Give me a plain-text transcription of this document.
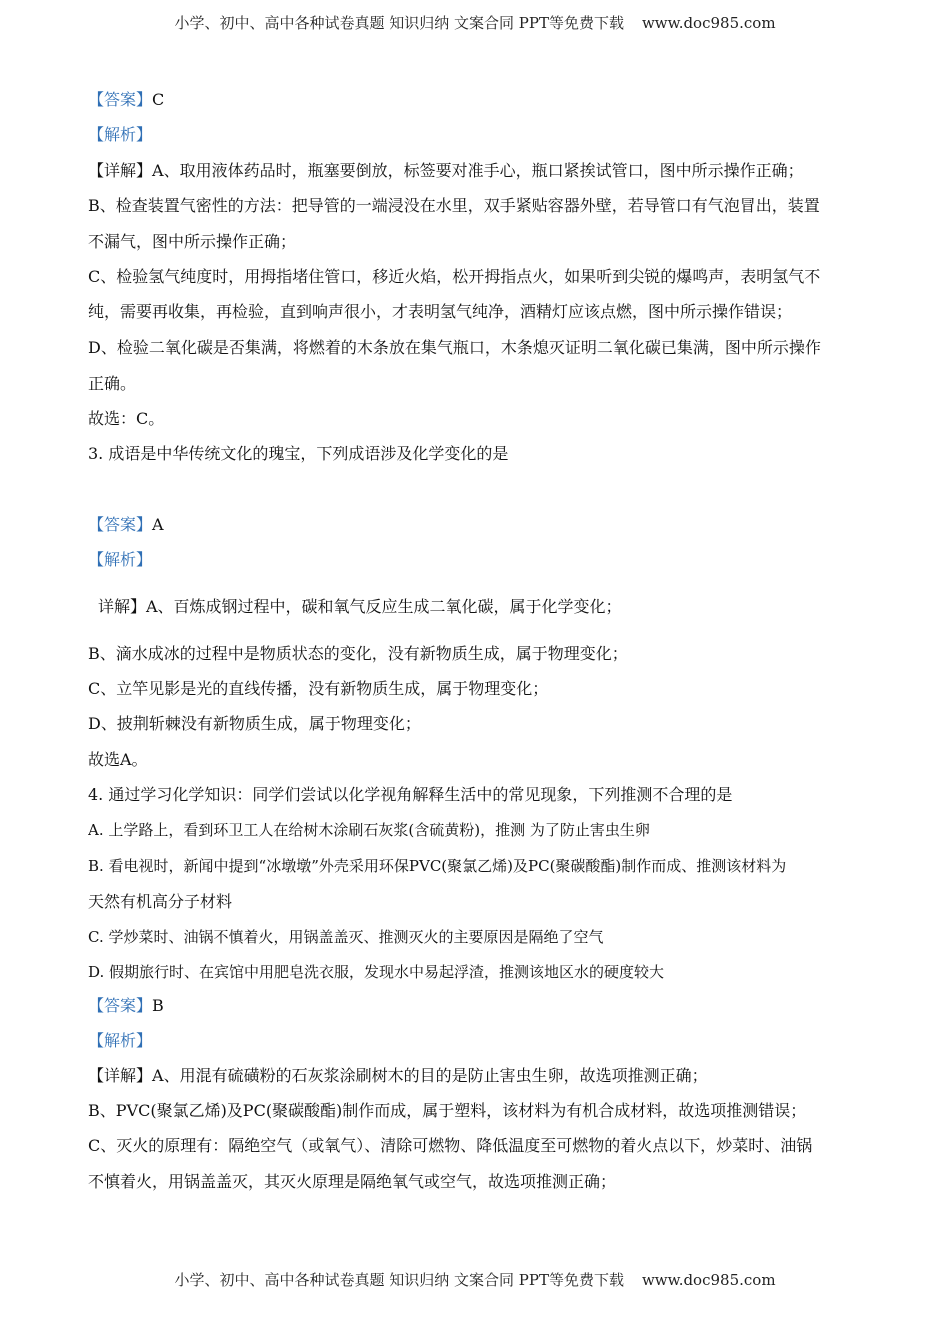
小学、初中、高中各种试卷真题 知识归纳 文案合同 PPT等免费下载 www.doc985.com
【答案】C
【解析】
【详解】A、取用液体药品时，瓶塞要倒放，标签要对准手心，瓶口紧挨试管口，图中所示操作正确；
B、检查装置气密性的方法：把导管的一端浸没在水里，双手紧贴容器外壁，若导管口有气泡冒出，装置
不漏气，图中所示操作正确；
C、检验氢气纯度时，用拇指堵住管口，移近火焰，松开拇指点火，如果听到尖锐的爆鸣声，表明氢气不
纯，需要再收集，再检验，直到响声很小，才表明氢气纯净，酒精灯应该点燃，图中所示操作错误；
D、检验二氧化碳是否集满，将燃着的木条放在集气瓶口，木条熄灭证明二氧化碳已集满，图中所示操作
正确。
故选：C。
3. 成语是中华传统文化的瑰宝，下列成语涉及化学变化的是
【答案】A
【解析】
详解】A、百炼成钢过程中，碳和氧气反应生成二氧化碳，属于化学变化；
B、滴水成冰的过程中是物质状态的变化，没有新物质生成，属于物理变化；
C、立竿见影是光的直线传播，没有新物质生成，属于物理变化；
D、披荆斩棘没有新物质生成，属于物理变化；
故选A。
4. 通过学习化学知识：同学们尝试以化学视角解释生活中的常见现象，下列推测不合理的是
A. 上学路上，看到环卫工人在给树木涂刷石灰浆(含硫黄粉)，推测 为了防止害虫生卵
B. 看电视时，新闻中提到“冰墩墩”外壳采用环保PVC(聚氯乙烯)及PC(聚碳酸酯)制作而成、推测该材料为
天然有机高分子材料
C. 学炒菜时、油锅不慎着火，用锅盖盖灭、推测灭火的主要原因是隔绝了空气
D. 假期旅行时、在宾馆中用肥皂洗衣服，发现水中易起浮渣，推测该地区水的硬度较大
【答案】B
【解析】
【详解】A、用混有硫磺粉的石灰浆涂刷树木的目的是防止害虫生卵，故选项推测正确；
B、PVC(聚氯乙烯)及PC(聚碳酸酯)制作而成，属于塑料，该材料为有机合成材料，故选项推测错误；
C、灭火的原理有：隔绝空气（或氧气）、清除可燃物、降低温度至可燃物的着火点以下，炒菜时、油锅
不慎着火，用锅盖盖灭，其灭火原理是隔绝氧气或空气，故选项推测正确；
小学、初中、高中各种试卷真题 知识归纳 文案合同 PPT等免费下载 www.doc985.com
